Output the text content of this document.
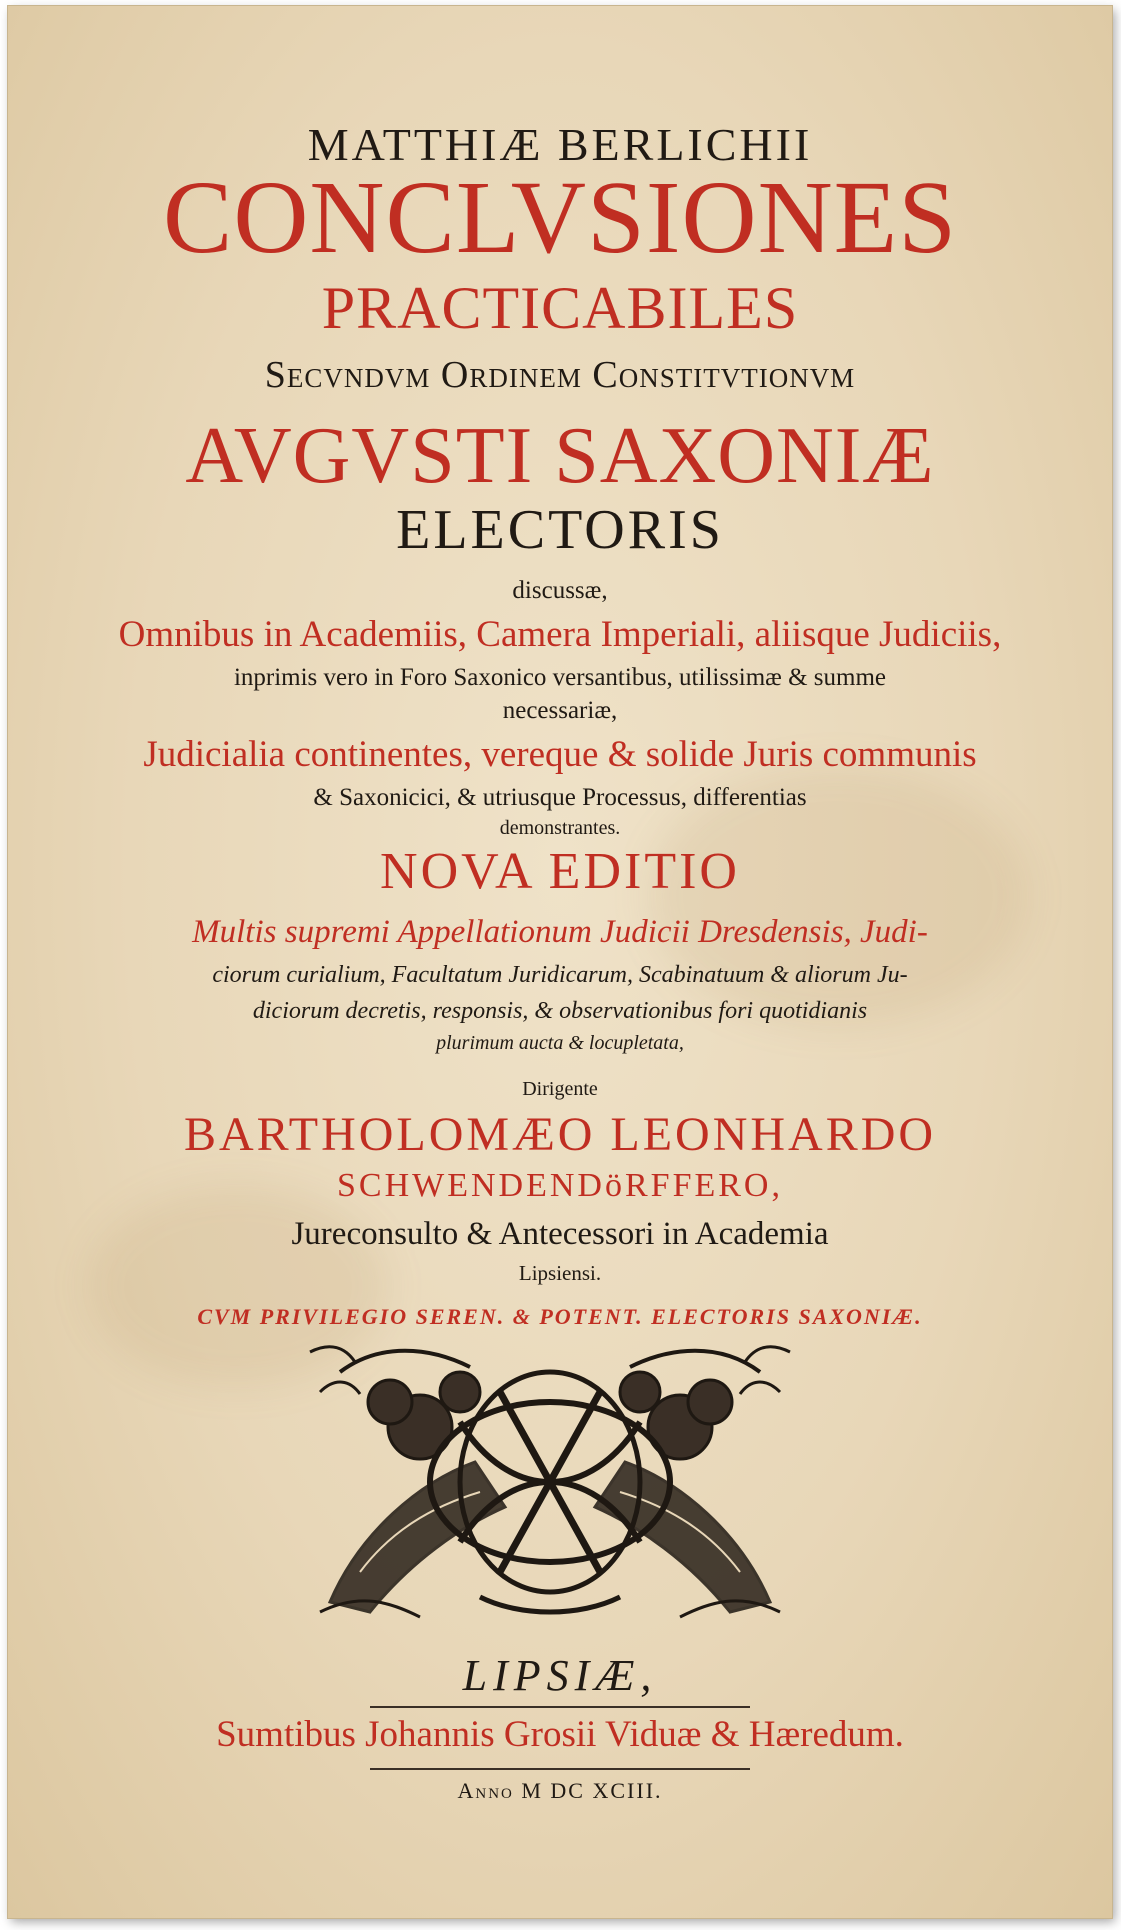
MATTHIÆ BERLICHII
CONCLVSIONES
PRACTICABILES
Secvndvm Ordinem Constitvtionvm
AVGVSTI SAXONIÆ
ELECTORIS
discussæ,
Omnibus in Academiis, Camera Imperiali, aliisque Judiciis,
inprimis vero in Foro Saxonico versantibus, utilissimæ & summe
necessariæ,
Judicialia continentes, vereque & solide Juris communis
& Saxonicici, & utriusque Processus, differentias
demonstrantes.
NOVA EDITIO
Multis supremi Appellationum Judicii Dresdensis, Judi-
ciorum curialium, Facultatum Juridicarum, Scabinatuum & aliorum Ju-
diciorum decretis, responsis, & observationibus fori quotidianis
plurimum aucta & locupletata,
Dirigente
BARTHOLOMÆO LEONHARDO
SCHWENDENDöRFFERO,
Jureconsulto & Antecessori in Academia
Lipsiensi.
CVM PRIVILEGIO SEREN. & POTENT. ELECTORIS SAXONIÆ.
LIPSIÆ,
Sumtibus Johannis Grosii Viduæ & Hæredum.
Anno M DC XCIII.
